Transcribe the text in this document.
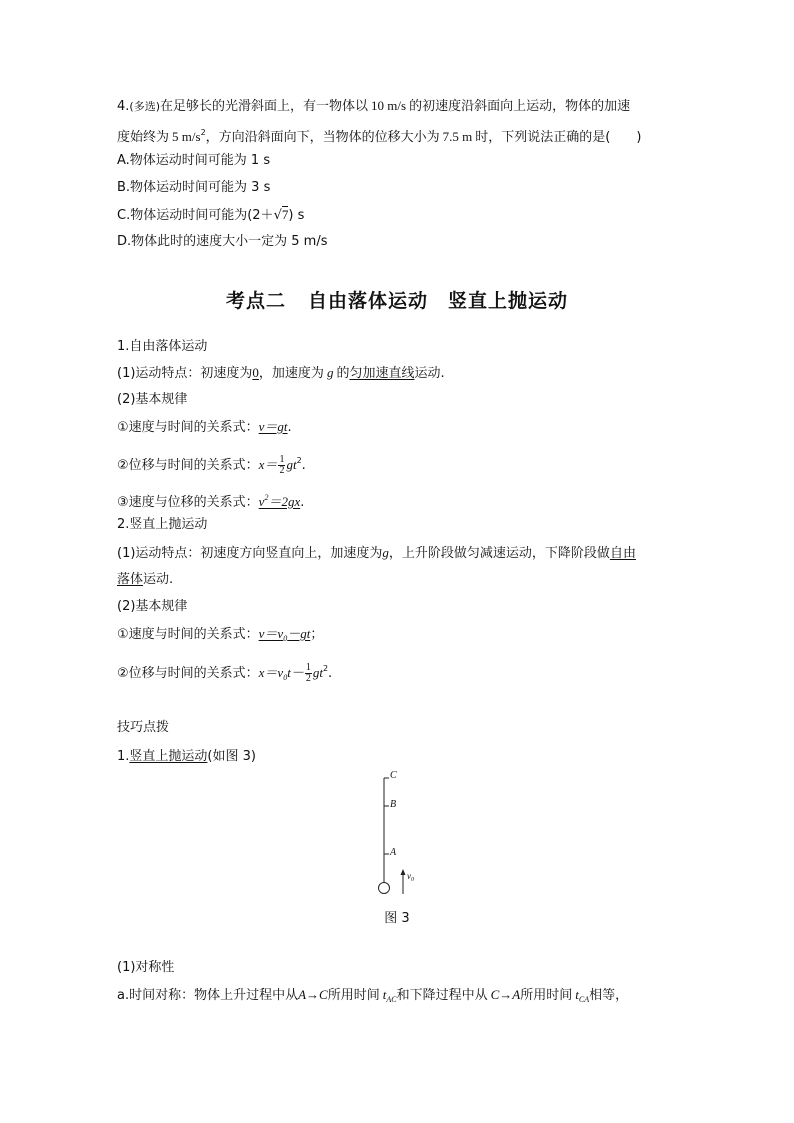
4.(多选)在足够长的光滑斜面上，有一物体以 10 m/s 的初速度沿斜面向上运动，物体的加速
度始终为 5 $m/s^2$，方向沿斜面向下，当物体的位移大小为 7.5 m 时，下列说法正确的是(　　)
A.物体运动时间可能为 1 s
B.物体运动时间可能为 3 s
C.物体运动时间可能为(2＋√7) s
D.物体此时的速度大小一定为 5 m/s
考点二 自由落体运动　竖直上抛运动
1.自由落体运动
(1)运动特点：初速度为0，加速度为 g 的匀加速直线运动.
(2)基本规律
①速度与时间的关系式：v＝gt.
②位移与时间的关系式：$x= \frac{1}{2} gt^2$.
③速度与位移的关系式：$v^2=2gx$.
2.竖直上抛运动
(1)运动特点：初速度方向竖直向上，加速度为g，上升阶段做匀减速运动，下降阶段做自由
落体运动.
(2)基本规律
①速度与时间的关系式：$v=v_0-gt$；
②位移与时间的关系式：$x=v_0t- \frac{1}{2} gt^2$.
技巧点拨
1.竖直上抛运动(如图 3)
C
B
A
$v_0$
图 3
(1)对称性
a.时间对称：物体上升过程中从A→C所用时间 $t_{AC}$和下降过程中从 C→A所用时间 $t_{CA}$相等，
